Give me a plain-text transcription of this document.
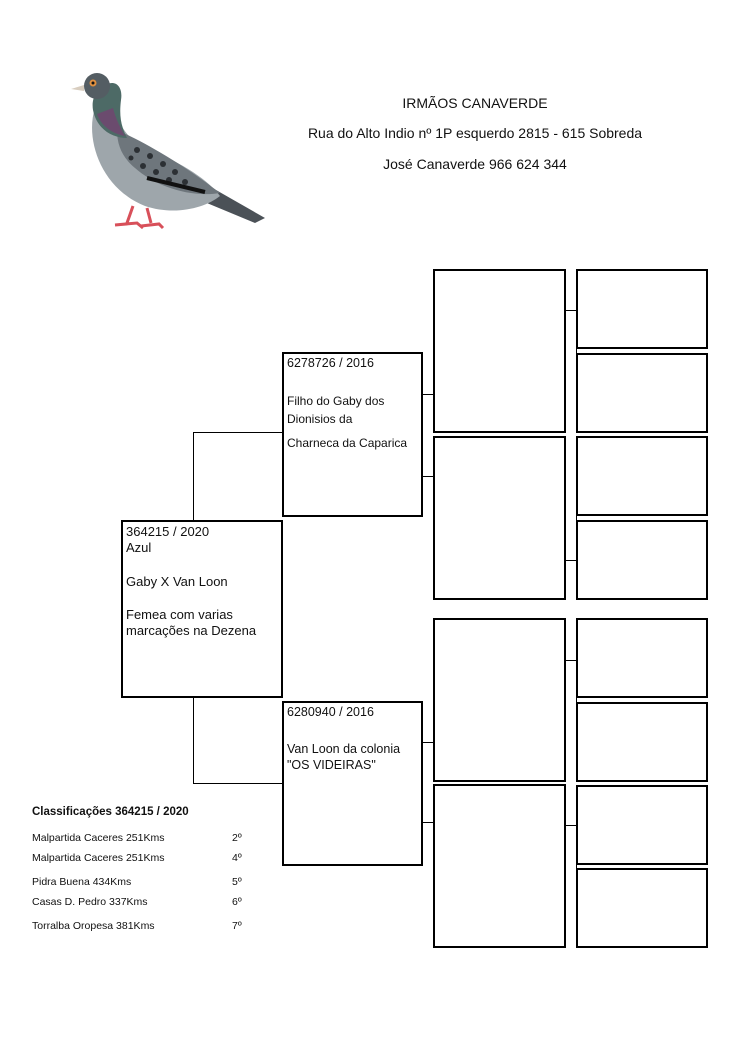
IRMÃOS CANAVERDE
Rua do Alto Indio nº 1P esquerdo 2815 - 615 Sobreda
José Canaverde 966 624 344
364215 / 2020
Azul
Gaby X Van Loon
Femea com varias
marcações na Dezena
6278726 / 2016
Filho do Gaby dos
Dionisios da
Charneca da Caparica
6280940 / 2016
Van Loon da colonia
"OS VIDEIRAS"
Classificações 364215 / 2020
Malpartida Caceres 251Kms	2º
Malpartida Caceres 251Kms	4º
Pidra Buena 434Kms	5º
Casas D. Pedro 337Kms	6º
Torralba Oropesa 381Kms	7º
